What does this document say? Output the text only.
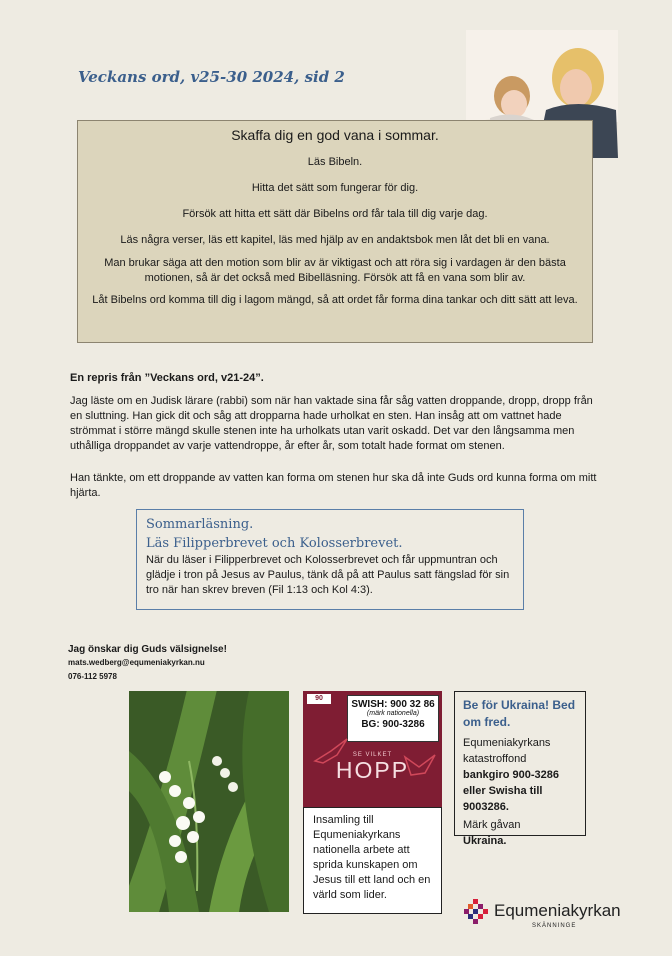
Veckans ord, v25-30 2024, sid 2
Skaffa dig en god vana i sommar.

Läs Bibeln.

Hitta det sätt som fungerar för dig.

Försök att hitta ett sätt där Bibelns ord får tala till dig varje dag.

Läs några verser, läs ett kapitel, läs med hjälp av en andaktsbok men låt det bli en vana.

Man brukar säga att den motion som blir av är viktigast och att röra sig i vardagen är den bästa motionen, så är det också med Bibelläsning. Försök att få en vana som blir av.

Låt Bibelns ord komma till dig i lagom mängd, så att ordet får forma dina tankar och ditt sätt att leva.

En repris från ”Veckans ord, v21-24”.
Jag läste om en Judisk lärare (rabbi) som när han vaktade sina får såg vatten droppande, dropp, dropp från en sluttning. Han gick dit och såg att dropparna hade urholkat en sten. Han insåg att om vattnet hade strömmat i större mängd skulle stenen inte ha urholkats utan varit oskadd. Det var den långsamma men uthålliga droppandet av varje vattendroppe, år efter år, som totalt hade format om stenen.
Han tänkte, om ett droppande av vatten kan forma om stenen hur ska då inte Guds ord kunna forma om mitt hjärta.
Sommarläsning.
Läs Filipperbrevet och Kolosserbrevet.
När du läser i Filipperbrevet och Kolosserbrevet och får uppmuntran och glädje i tron på Jesus av Paulus, tänk då på att Paulus satt fängslad för sin tro när han skrev breven (Fil 1:13 och Kol 4:3).
Jag önskar dig Guds välsignelse!
mats.wedberg@equmeniakyrkan.nu
076-112 5978
90
SWISH: 900 32 86
(märk nationella)
BG: 900-3286
SE VILKET
HOPP
Insamling till Equmeniakyrkans nationella arbete att sprida kunskapen om Jesus till ett land och en värld som lider.
Be för Ukraina! Bed om fred.
Equmeniakyrkans katastroffond
bankgiro 900-3286 eller Swisha till 9003286.
Märk gåvan
Ukraina.
Equmeniakyrkan
SKÄNNINGE
